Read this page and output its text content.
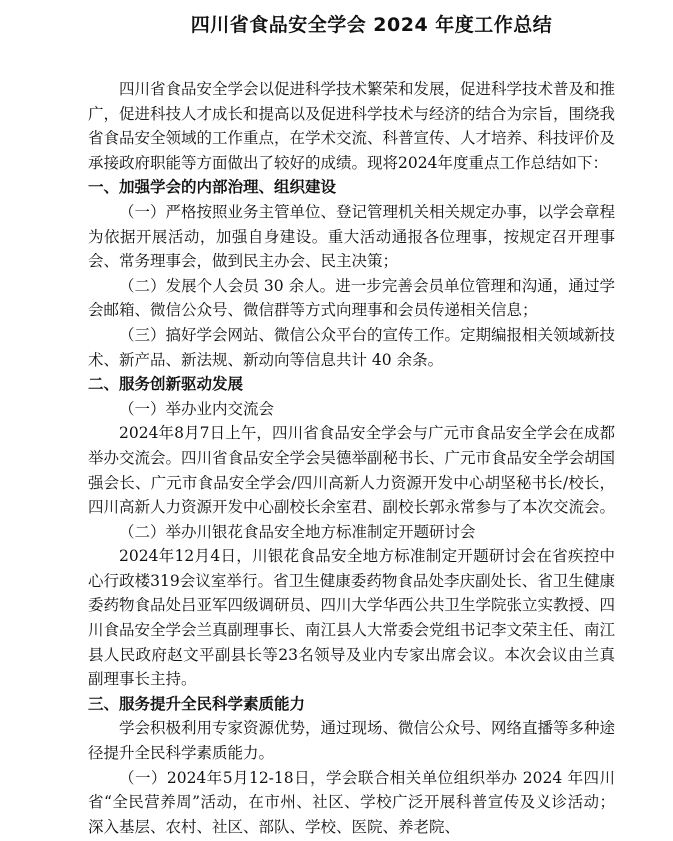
四川省食品安全学会 2024 年度工作总结

四川省食品安全学会以促进科学技术繁荣和发展，促进科学技术普及和推广，促进科技人才成长和提高以及促进科学技术与经济的结合为宗旨，围绕我省食品安全领域的工作重点，在学术交流、科普宣传、人才培养、科技评价及承接政府职能等方面做出了较好的成绩。现将2024年度重点工作总结如下：

一、加强学会的内部治理、组织建设

（一）严格按照业务主管单位、登记管理机关相关规定办事，以学会章程为依据开展活动，加强自身建设。重大活动通报各位理事，按规定召开理事会、常务理事会，做到民主办会、民主决策；

（二）发展个人会员 30 余人。进一步完善会员单位管理和沟通，通过学会邮箱、微信公众号、微信群等方式向理事和会员传递相关信息；

（三）搞好学会网站、微信公众平台的宣传工作。定期编报相关领域新技术、新产品、新法规、新动向等信息共计 40 余条。

二、服务创新驱动发展

（一）举办业内交流会

2024年8月7日上午，四川省食品安全学会与广元市食品安全学会在成都举办交流会。四川省食品安全学会吴德举副秘书长、广元市食品安全学会胡国强会长、广元市食品安全学会/四川高新人力资源开发中心胡坚秘书长/校长，四川高新人力资源开发中心副校长余室君、副校长郭永常参与了本次交流会。

（二）举办川银花食品安全地方标准制定开题研讨会

2024年12月4日，川银花食品安全地方标准制定开题研讨会在省疾控中心行政楼319会议室举行。省卫生健康委药物食品处李庆副处长、省卫生健康委药物食品处吕亚军四级调研员、四川大学华西公共卫生学院张立实教授、四川食品安全学会兰真副理事长、南江县人大常委会党组书记李文荣主任、南江县人民政府赵文平副县长等23名领导及业内专家出席会议。本次会议由兰真副理事长主持。

三、服务提升全民科学素质能力

学会积极利用专家资源优势，通过现场、微信公众号、网络直播等多种途径提升全民科学素质能力。

（一）2024年5月12-18日，学会联合相关单位组织举办 2024 年四川省“全民营养周”活动，在市州、社区、学校广泛开展科普宣传及义诊活动；深入基层、农村、社区、部队、学校、医院、养老院、
